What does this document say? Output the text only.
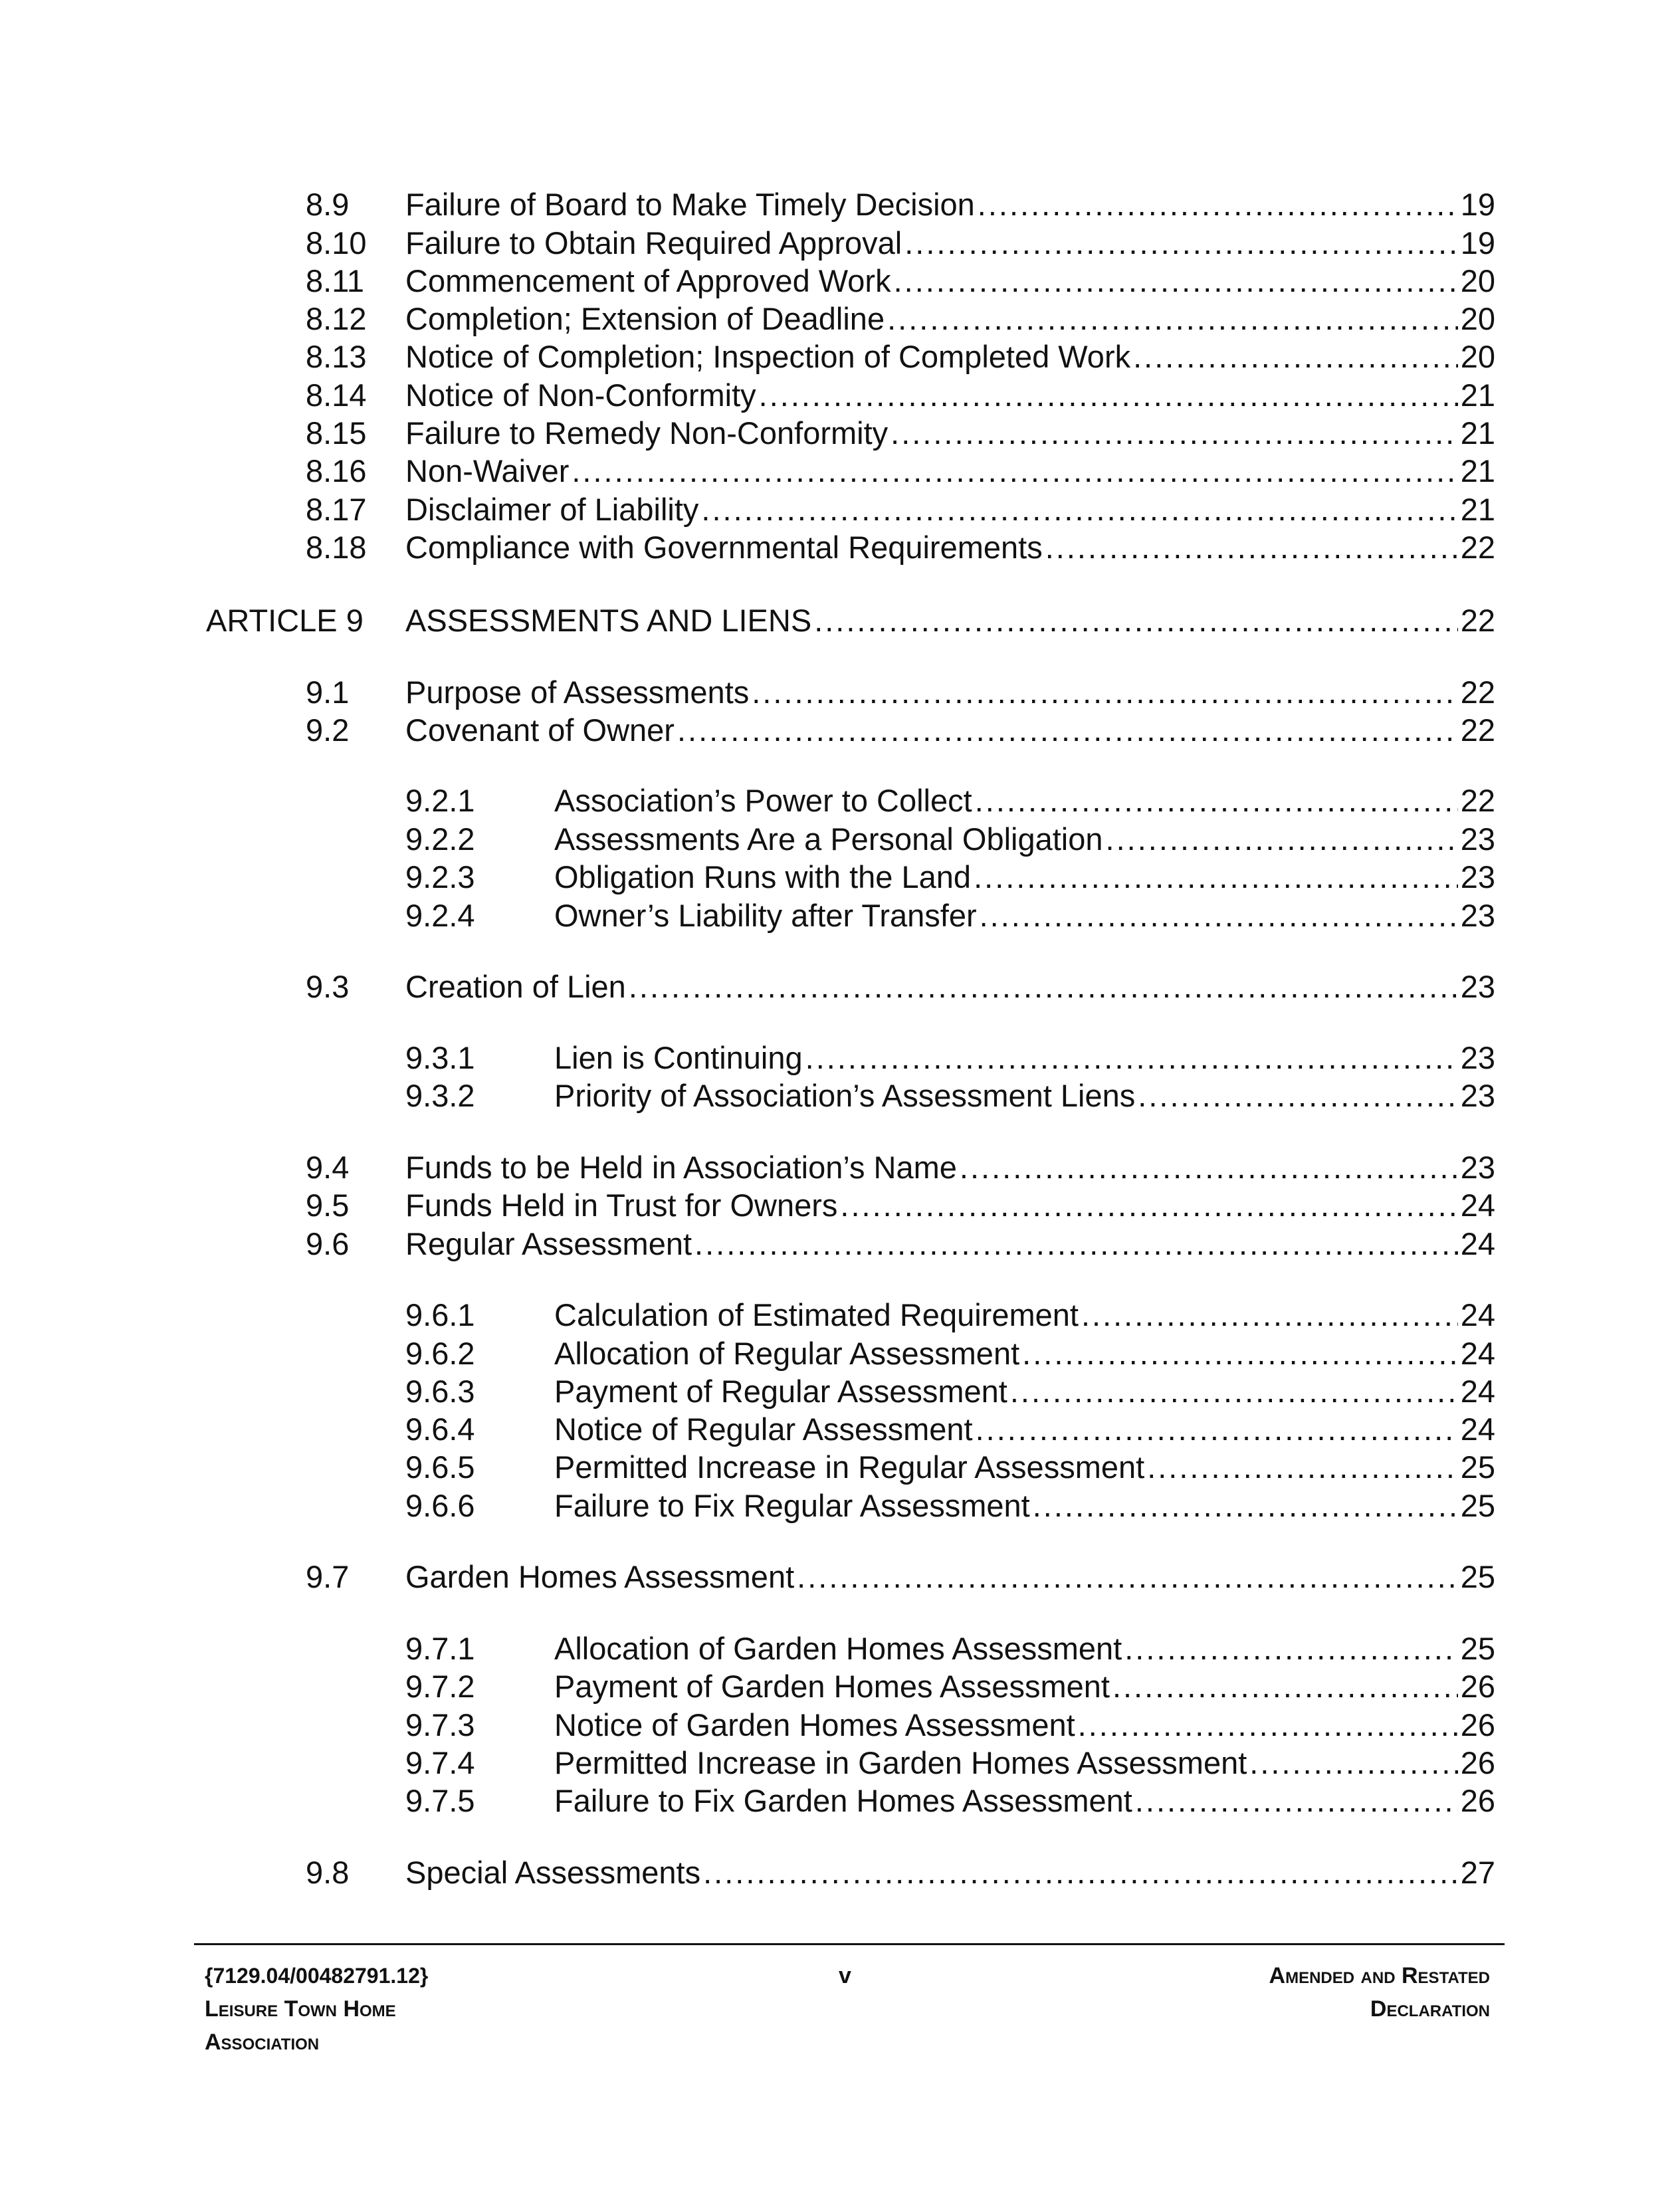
8.9 Failure of Board to Make Timely Decision .....	19
8.10 Failure to Obtain Required Approval .....	19
8.11 Commencement of Approved Work .....	20
8.12 Completion; Extension of Deadline .....	20
8.13 Notice of Completion; Inspection of Completed Work .....	20
8.14 Notice of Non-Conformity .....	21
8.15 Failure to Remedy Non-Conformity .....	21
8.16 Non-Waiver .....	21
8.17 Disclaimer of Liability .....	21
8.18 Compliance with Governmental Requirements .....	22
ARTICLE 9 ASSESSMENTS AND LIENS .....	22
9.1 Purpose of Assessments .....	22
9.2 Covenant of Owner .....	22
9.2.1	Association’s Power to Collect .....	22
9.2.2	Assessments Are a Personal Obligation .....	23
9.2.3	Obligation Runs with the Land .....	23
9.2.4	Owner’s Liability after Transfer .....	23
9.3 Creation of Lien .....	23
9.3.1	Lien is Continuing .....	23
9.3.2	Priority of Association’s Assessment Liens .....	23
9.4 Funds to be Held in Association’s Name .....	23
9.5 Funds Held in Trust for Owners .....	24
9.6 Regular Assessment .....	24
9.6.1	Calculation of Estimated Requirement .....	24
9.6.2	Allocation of Regular Assessment .....	24
9.6.3	Payment of Regular Assessment .....	24
9.6.4	Notice of Regular Assessment .....	24
9.6.5	Permitted Increase in Regular Assessment .....	25
9.6.6	Failure to Fix Regular Assessment .....	25
9.7 Garden Homes Assessment .....	25
9.7.1	Allocation of Garden Homes Assessment .....	25
9.7.2	Payment of Garden Homes Assessment .....	26
9.7.3	Notice of Garden Homes Assessment .....	26
9.7.4	Permitted Increase in Garden Homes Assessment .....	26
9.7.5	Failure to Fix Garden Homes Assessment .....	26
9.8 Special Assessments .....	27
{7129.04/00482791.12}
Leisure Town Home
Association
v	Amended and Restated
Declaration
